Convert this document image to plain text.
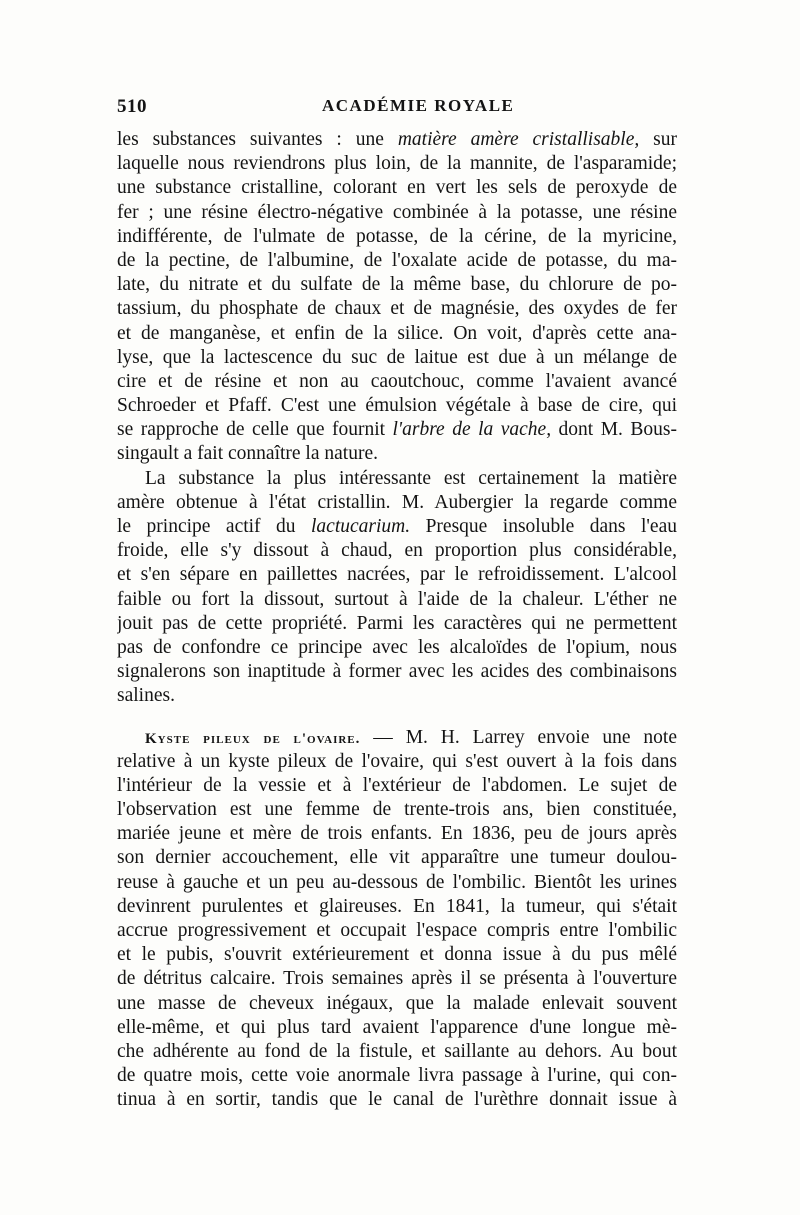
510	ACADÉMIE ROYALE
les substances suivantes : une matière amère cristallisable, sur
laquelle nous reviendrons plus loin, de la mannite, de l'asparamide;
une substance cristalline, colorant en vert les sels de peroxyde de
fer ; une résine électro-négative combinée à la potasse, une résine
indifférente, de l'ulmate de potasse, de la cérine, de la myricine,
de la pectine, de l'albumine, de l'oxalate acide de potasse, du ma-
late, du nitrate et du sulfate de la même base, du chlorure de po-
tassium, du phosphate de chaux et de magnésie, des oxydes de fer
et de manganèse, et enfin de la silice. On voit, d'après cette ana-
lyse, que la lactescence du suc de laitue est due à un mélange de
cire et de résine et non au caoutchouc, comme l'avaient avancé
Schroeder et Pfaff. C'est une émulsion végétale à base de cire, qui
se rapproche de celle que fournit l'arbre de la vache, dont M. Bous-
singault a fait connaître la nature.
La substance la plus intéressante est certainement la matière
amère obtenue à l'état cristallin. M. Aubergier la regarde comme
le principe actif du lactucarium. Presque insoluble dans l'eau
froide, elle s'y dissout à chaud, en proportion plus considérable,
et s'en sépare en paillettes nacrées, par le refroidissement. L'alcool
faible ou fort la dissout, surtout à l'aide de la chaleur. L'éther ne
jouit pas de cette propriété. Parmi les caractères qui ne permettent
pas de confondre ce principe avec les alcaloïdes de l'opium, nous
signalerons son inaptitude à former avec les acides des combinaisons
salines.
Kyste pileux de l'ovaire. — M. H. Larrey envoie une note
relative à un kyste pileux de l'ovaire, qui s'est ouvert à la fois dans
l'intérieur de la vessie et à l'extérieur de l'abdomen. Le sujet de
l'observation est une femme de trente-trois ans, bien constituée,
mariée jeune et mère de trois enfants. En 1836, peu de jours après
son dernier accouchement, elle vit apparaître une tumeur doulou-
reuse à gauche et un peu au-dessous de l'ombilic. Bientôt les urines
devinrent purulentes et glaireuses. En 1841, la tumeur, qui s'était
accrue progressivement et occupait l'espace compris entre l'ombilic
et le pubis, s'ouvrit extérieurement et donna issue à du pus mêlé
de détritus calcaire. Trois semaines après il se présenta à l'ouverture
une masse de cheveux inégaux, que la malade enlevait souvent
elle-même, et qui plus tard avaient l'apparence d'une longue mè-
che adhérente au fond de la fistule, et saillante au dehors. Au bout
de quatre mois, cette voie anormale livra passage à l'urine, qui con-
tinua à en sortir, tandis que le canal de l'urèthre donnait issue à
